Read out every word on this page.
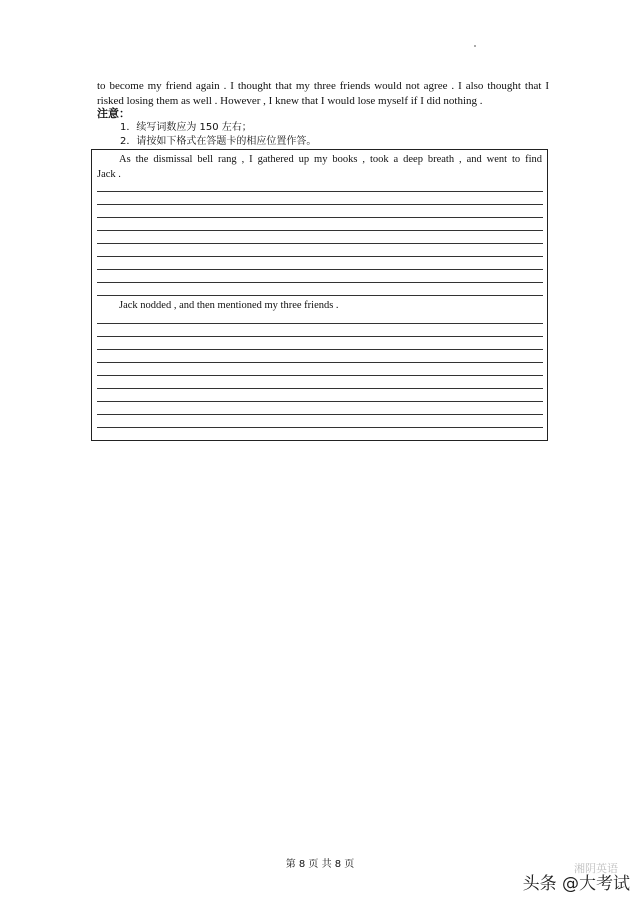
to become my friend again . I thought that my three friends would not agree . I also thought that I
risked losing them as well . However , I knew that I would lose myself if I did nothing .
注意：
1．续写词数应为 150 左右；
2．请按如下格式在答题卡的相应位置作答。
As the dismissal bell rang , I gathered up my books , took a deep breath , and went to find
Jack .
Jack nodded , and then mentioned my three friends .
第 8 页 共 8 页	湘阴英语
头条 @大考试
